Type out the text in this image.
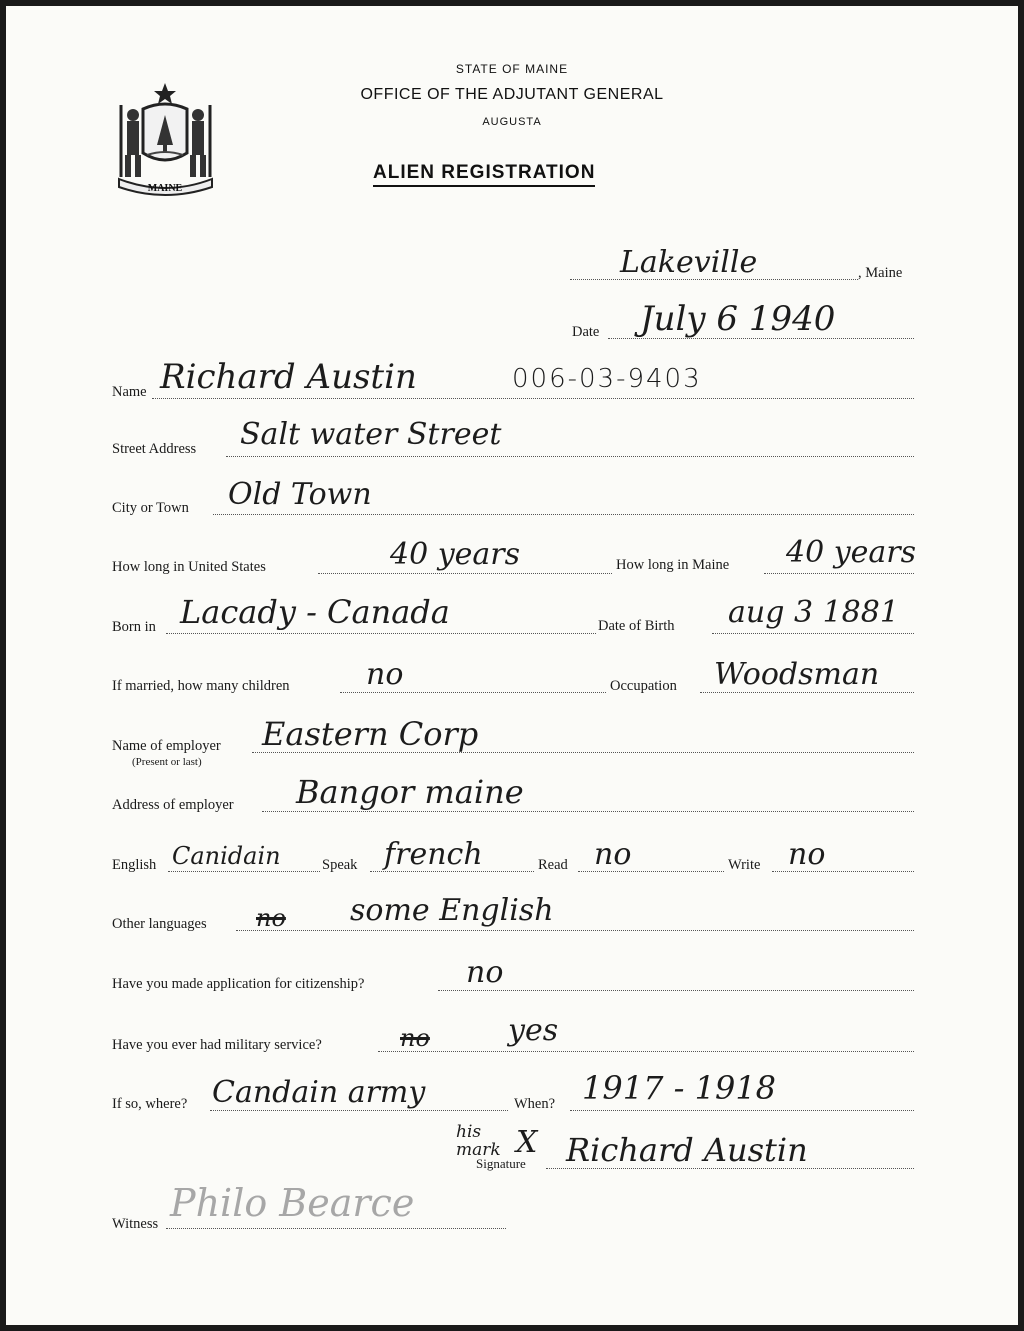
MAINE
STATE OF MAINE
OFFICE OF THE ADJUTANT GENERAL
AUGUSTA
ALIEN REGISTRATION
Lakeville	, Maine
Date July 6 1940
Name Richard Austin	006-03-9403
Street Address Salt water Street
City or Town Old Town
How long in United States	40 years	How long in Maine 40 years
Born in Lacady - Canada	Date of Birth aug 3 1881
If married, how many children	no	Occupation Woodsman
Name of employer
(Present or last)
Eastern Corp
Address of employer Bangor maine
English Canidain	Speak french	Read no	Write no
Other languages no some English
Have you made application for citizenship?	no
Have you ever had military service?	no	yes
If so, where? Candain army	When? 1917 - 1918
his mark X
Signature Richard Austin
Witness Philo Bearce
